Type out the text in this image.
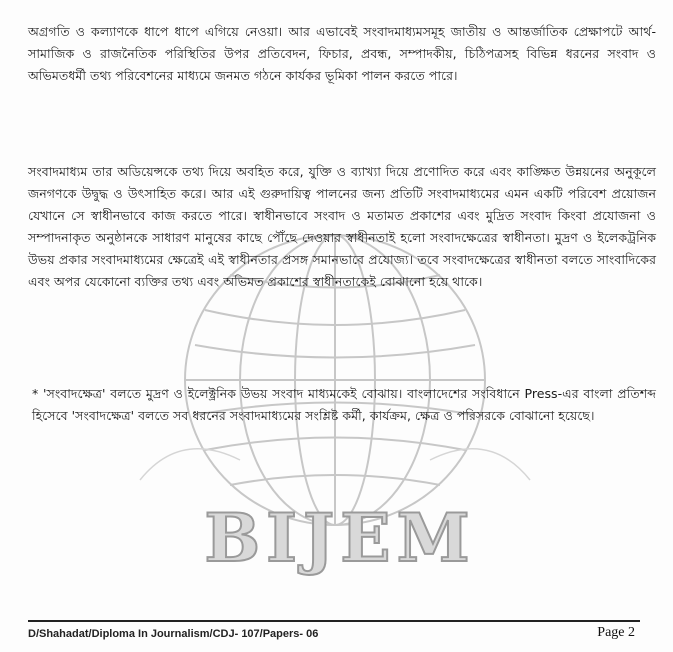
BIJEM

অগ্রগতি ও কল্যাণকে ধাপে ধাপে এগিয়ে নেওয়া। আর এভাবেই সংবাদমাধ্যমসমূহ জাতীয় ও আন্তর্জাতিক প্রেক্ষাপটে আর্থ-সামাজিক ও রাজনৈতিক পরিস্থিতির উপর প্রতিবেদন, ফিচার, প্রবন্ধ, সম্পাদকীয়, চিঠিপত্রসহ বিভিন্ন ধরনের সংবাদ ও অভিমতধর্মী তথ্য পরিবেশনের মাধ্যমে জনমত গঠনে কার্যকর ভূমিকা পালন করতে পারে।

সংবাদমাধ্যম তার অডিয়েন্সকে তথ্য দিয়ে অবহিত করে, যুক্তি ও ব্যাখ্যা দিয়ে প্রণোদিত করে এবং কাঙ্ক্ষিত উন্নয়নের অনুকূলে জনগণকে উদ্বুদ্ধ ও উৎসাহিত করে। আর এই গুরুদায়িত্ব পালনের জন্য প্রতিটি সংবাদমাধ্যমের এমন একটি পরিবেশ প্রয়োজন যেখানে সে স্বাধীনভাবে কাজ করতে পারে। স্বাধীনভাবে সংবাদ ও মতামত প্রকাশের এবং মুদ্রিত সংবাদ কিংবা প্রযোজনা ও সম্পাদনাকৃত অনুষ্ঠানকে সাধারণ মানুষের কাছে পৌঁছে দেওয়ার স্বাধীনতাই হলো সংবাদক্ষেত্রের স্বাধীনতা। মুদ্রণ ও ইলেকট্রনিক উভয় প্রকার সংবাদমাধ্যমের ক্ষেত্রেই এই স্বাধীনতার প্রসঙ্গ সমানভাবে প্রযোজ্য। তবে সংবাদক্ষেত্রের স্বাধীনতা বলতে সাংবাদিকের এবং অপর যেকোনো ব্যক্তির তথ্য এবং অভিমত প্রকাশের স্বাধীনতাকেই বোঝানো হয়ে থাকে।

* 'সংবাদক্ষেত্র' বলতে মুদ্রণ ও ইলেক্ট্রনিক উভয় সংবাদ মাধ্যমকেই বোঝায়। বাংলাদেশের সংবিধানে Press-এর বাংলা প্রতিশব্দ হিসেবে 'সংবাদক্ষেত্র' বলতে সব ধরনের সংবাদমাধ্যমের সংশ্লিষ্ট কর্মী, কার্যক্রম, ক্ষেত্র ও পরিসরকে বোঝানো হয়েছে।

D/Shahadat/Diploma In Journalism/CDJ- 107/Papers- 06	Page 2
